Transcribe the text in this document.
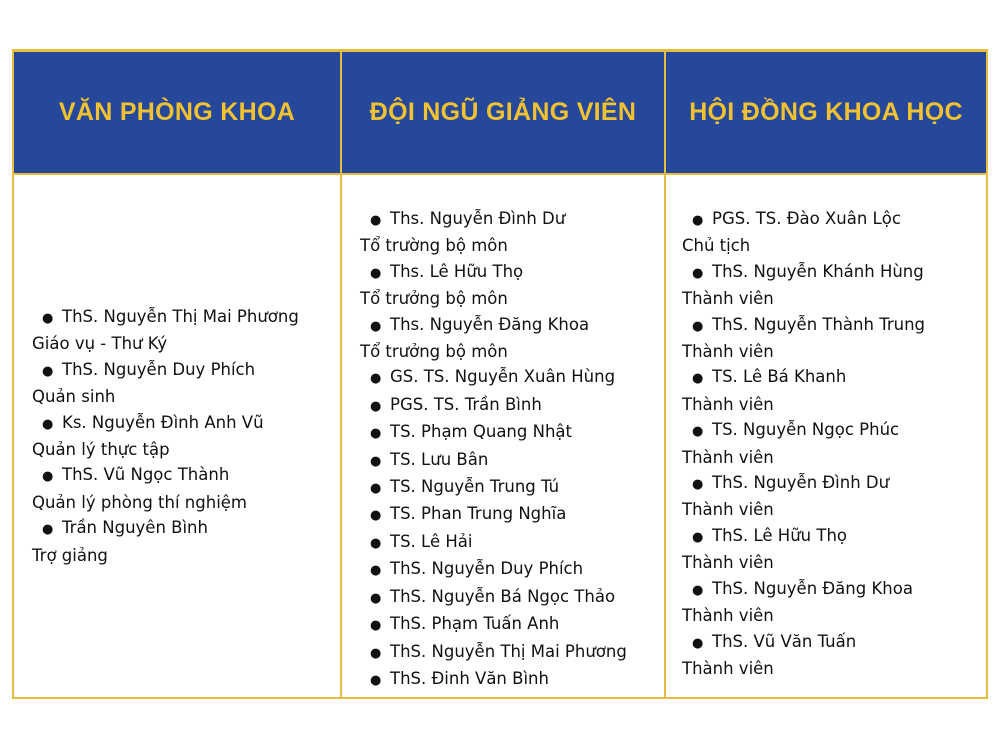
VĂN PHÒNG KHOA	ĐỘI NGŨ GIẢNG VIÊN	HỘI ĐỒNG KHOA HỌC
● ThS. Nguyễn Thị Mai Phương
Giáo vụ - Thư Ký
● ThS. Nguyễn Duy Phích
Quản sinh
● Ks. Nguyễn Đình Anh Vũ
Quản lý thực tập
● ThS. Vũ Ngọc Thành
Quản lý phòng thí nghiệm
● Trần Nguyên Bình
Trợ giảng
● Ths. Nguyễn Đình Dư
Tổ trường bộ môn
● Ths. Lê Hữu Thọ
Tổ trưởng bộ môn
● Ths. Nguyễn Đăng Khoa
Tổ trưởng bộ môn
● GS. TS. Nguyễn Xuân Hùng
● PGS. TS. Trần Bình
● TS. Phạm Quang Nhật
● TS. Lưu Bân
● TS. Nguyễn Trung Tú
● TS. Phan Trung Nghĩa
● TS. Lê Hải
● ThS. Nguyễn Duy Phích
● ThS. Nguyễn Bá Ngọc Thảo
● ThS. Phạm Tuấn Anh
● ThS. Nguyễn Thị Mai Phương
● ThS. Đinh Văn Bình
● PGS. TS. Đào Xuân Lộc
Chủ tịch
● ThS. Nguyễn Khánh Hùng
Thành viên
● ThS. Nguyễn Thành Trung
Thành viên
● TS. Lê Bá Khanh
Thành viên
● TS. Nguyễn Ngọc Phúc
Thành viên
● ThS. Nguyễn Đình Dư
Thành viên
● ThS. Lê Hữu Thọ
Thành viên
● ThS. Nguyễn Đăng Khoa
Thành viên
● ThS. Vũ Văn Tuấn
Thành viên
